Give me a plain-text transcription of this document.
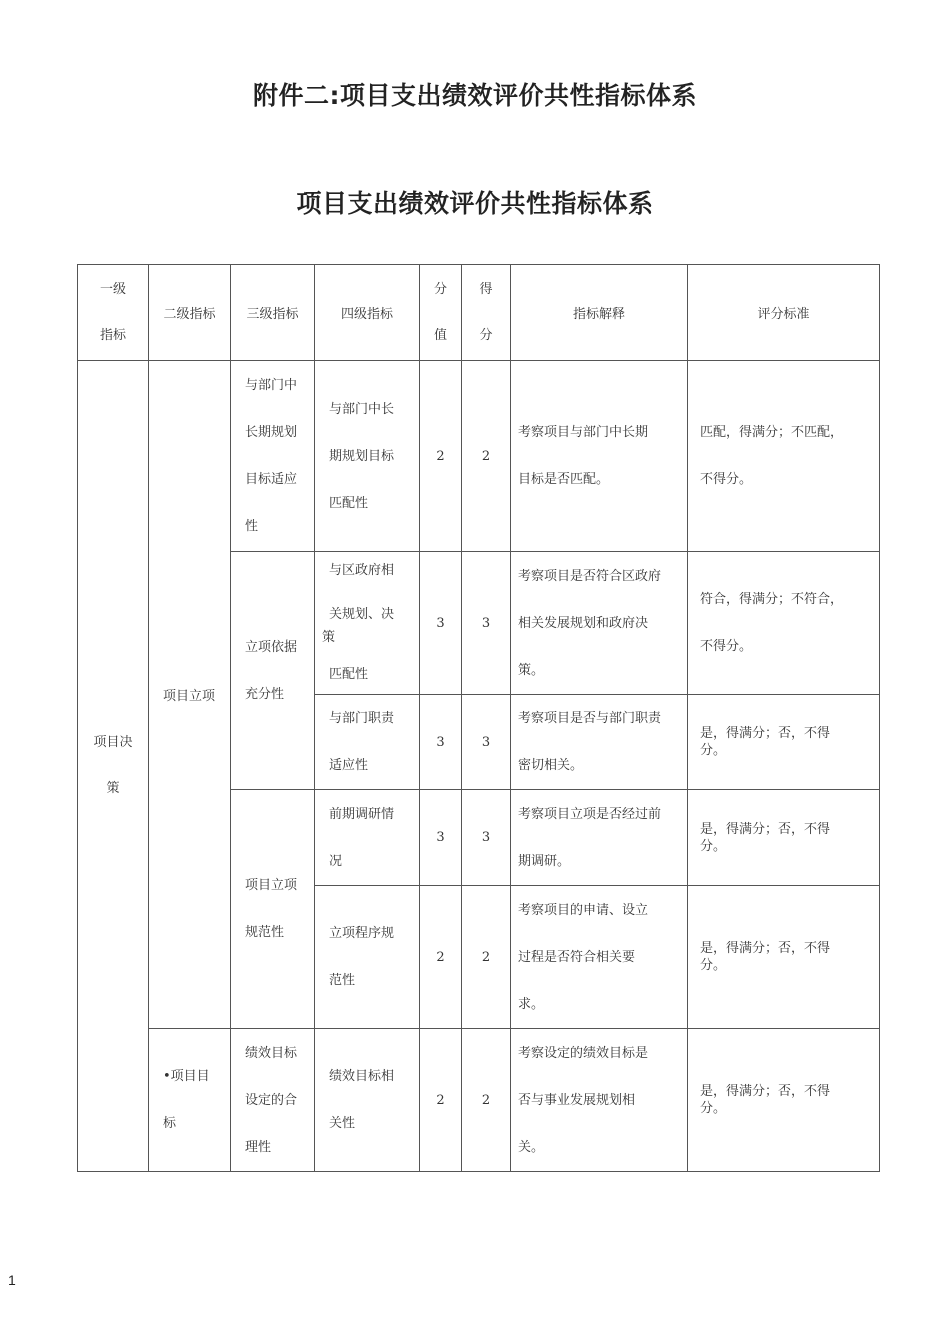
附件二:项目支出绩效评价共性指标体系
项目支出绩效评价共性指标体系
一级
指标	二级指标	三级指标	四级指标	分
值	得
分	指标解释	评分标准

项目决
策	项目立项	与部门中
长期规划
目标适应
性	与部门中长
期规划目标
匹配性	2	2	考察项目与部门中长期
目标是否匹配。	匹配，得满分；不匹配，
不得分。

		立项依据
充分性	与区政府相
关规划、决
策
匹配性	3	3	考察项目是否符合区政府
相关发展规划和政府决
策。	符合，得满分；不符合，
不得分。

			与部门职责
适应性	3	3	考察项目是否与部门职责
密切相关。	是，得满分；否，不得
分。

		项目立项
规范性	前期调研情
况	3	3	考察项目立项是否经过前
期调研。	是，得满分；否，不得
分。

			立项程序规
范性	2	2	考察项目的申请、设立
过程是否符合相关要
求。	是，得满分；否，不得
分。

	•项目目
标	绩效目标
设定的合
理性	绩效目标相
关性	2	2	考察设定的绩效目标是
否与事业发展规划相
关。	是，得满分；否，不得
分。
1
